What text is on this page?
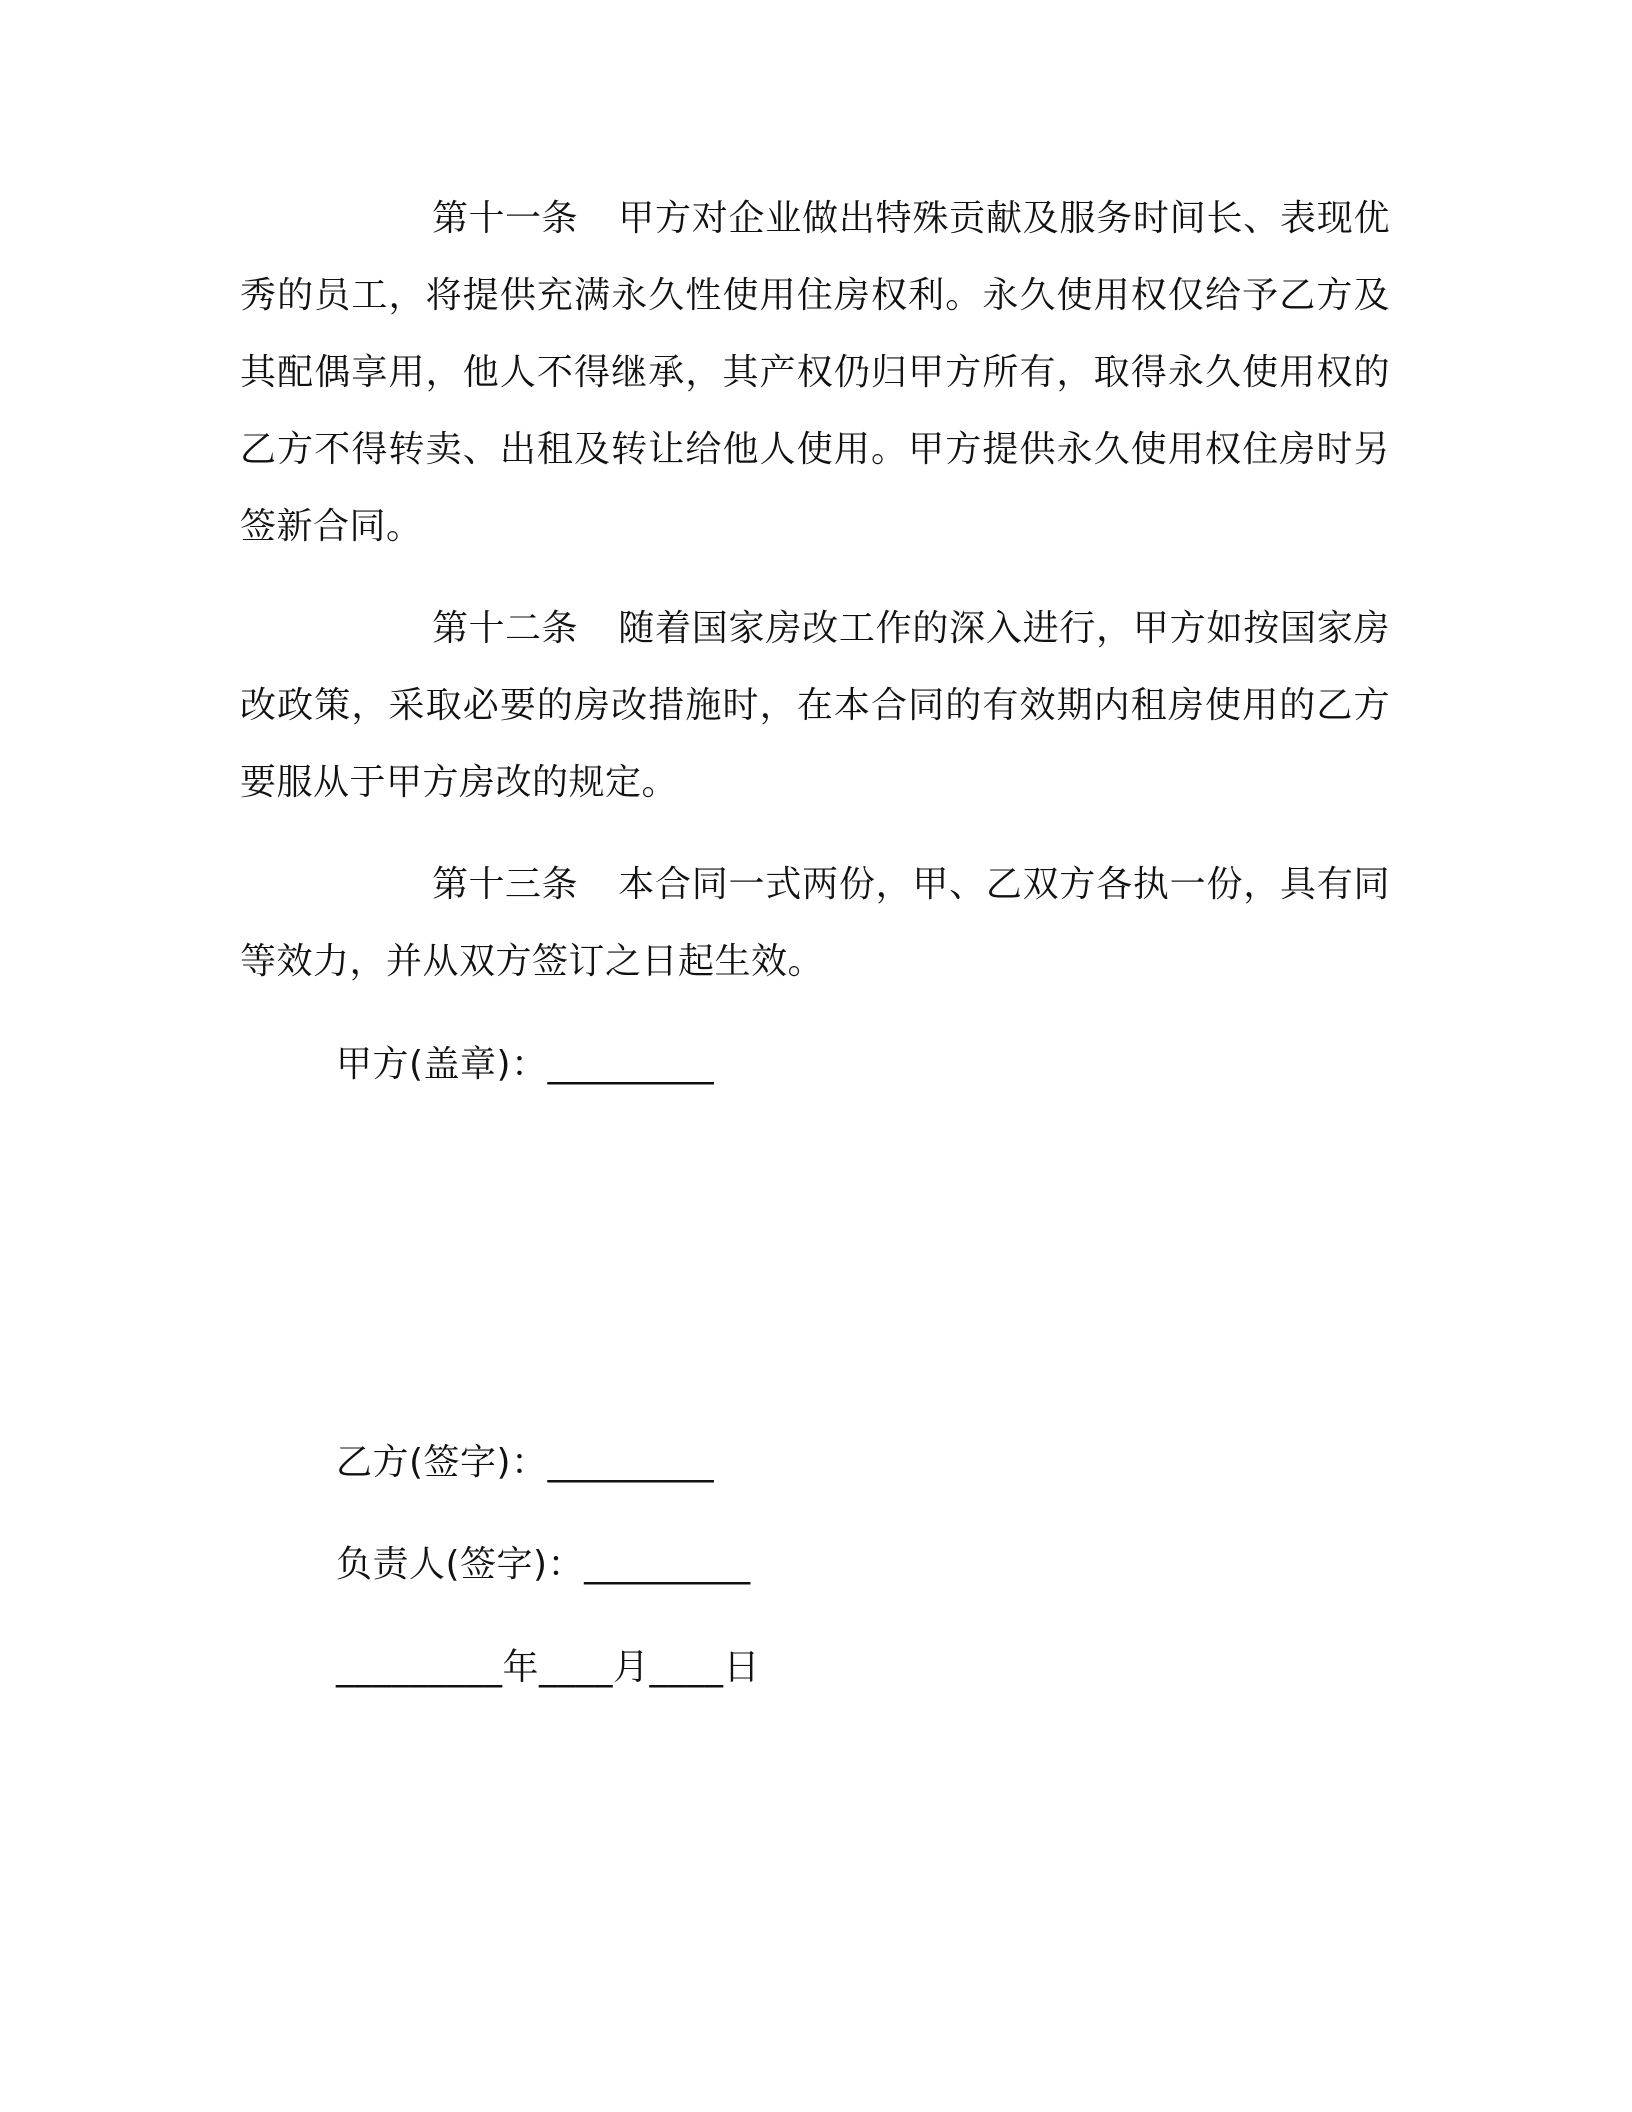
第十一条 甲方对企业做出特殊贡献及服务时间长、表现优秀的员工，将提供充满永久性使用住房权利。永久使用权仅给予乙方及其配偶享用，他人不得继承，其产权仍归甲方所有，取得永久使用权的乙方不得转卖、出租及转让给他人使用。甲方提供永久使用权住房时另签新合同。

第十二条 随着国家房改工作的深入进行，甲方如按国家房改政策，采取必要的房改措施时，在本合同的有效期内租房使用的乙方要服从于甲方房改的规定。

第十三条 本合同一式两份，甲、乙双方各执一份，具有同等效力，并从双方签订之日起生效。

甲方(盖章)：_________
乙方(签字)：_________
负责人(签字)：_________
_________年____月____日
